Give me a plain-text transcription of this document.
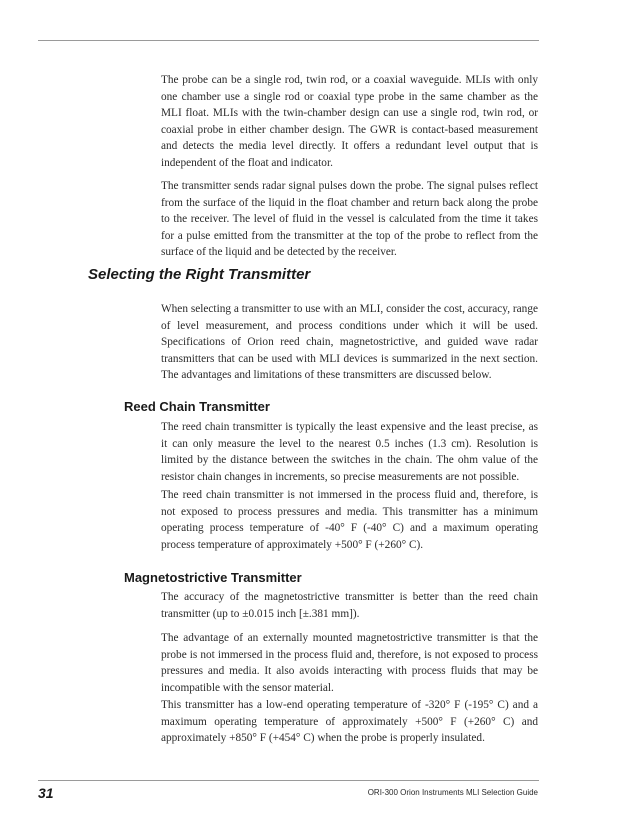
The probe can be a single rod, twin rod, or a coaxial waveguide. MLIs with only one chamber use a single rod or coaxial type probe in the same chamber as the MLI float. MLIs with the twin-chamber design can use a single rod, twin rod, or coaxial probe in either chamber design. The GWR is contact-based measurement and detects the media level directly. It offers a redundant level output that is independent of the float and indicator.

The transmitter sends radar signal pulses down the probe. The signal pulses reflect from the surface of the liquid in the float chamber and return back along the probe to the receiver. The level of fluid in the vessel is calculated from the time it takes for a pulse emitted from the transmitter at the top of the probe to reflect from the surface of the liquid and be detected by the receiver.

Selecting the Right Transmitter

When selecting a transmitter to use with an MLI, consider the cost, accuracy, range of level measurement, and process conditions under which it will be used. Specifications of Orion reed chain, magnetostrictive, and guided wave radar transmitters that can be used with MLI devices is summarized in the next section. The advantages and limitations of these transmitters are discussed below.

Reed Chain Transmitter

The reed chain transmitter is typically the least expensive and the least precise, as it can only measure the level to the nearest 0.5 inches (1.3 cm). Resolution is limited by the distance between the switches in the chain. The ohm value of the resistor chain changes in increments, so precise measurements are not possible.

The reed chain transmitter is not immersed in the process fluid and, therefore, is not exposed to process pressures and media. This transmitter has a minimum operating process temperature of -40° F (-40° C) and a maximum operating process temperature of approximately +500° F (+260° C).

Magnetostrictive Transmitter

The accuracy of the magnetostrictive transmitter is better than the reed chain transmitter (up to ±0.015 inch [±.381 mm]).

The advantage of an externally mounted magnetostrictive transmitter is that the probe is not immersed in the process fluid and, therefore, is not exposed to process pressures and media. It also avoids interacting with process fluids that may be incompatible with the sensor material.

This transmitter has a low-end operating temperature of -320° F (-195° C) and a maximum operating temperature of approximately +500° F (+260° C) and approximately +850° F (+454° C) when the probe is properly insulated.

31	ORI-300 Orion Instruments MLI Selection Guide
